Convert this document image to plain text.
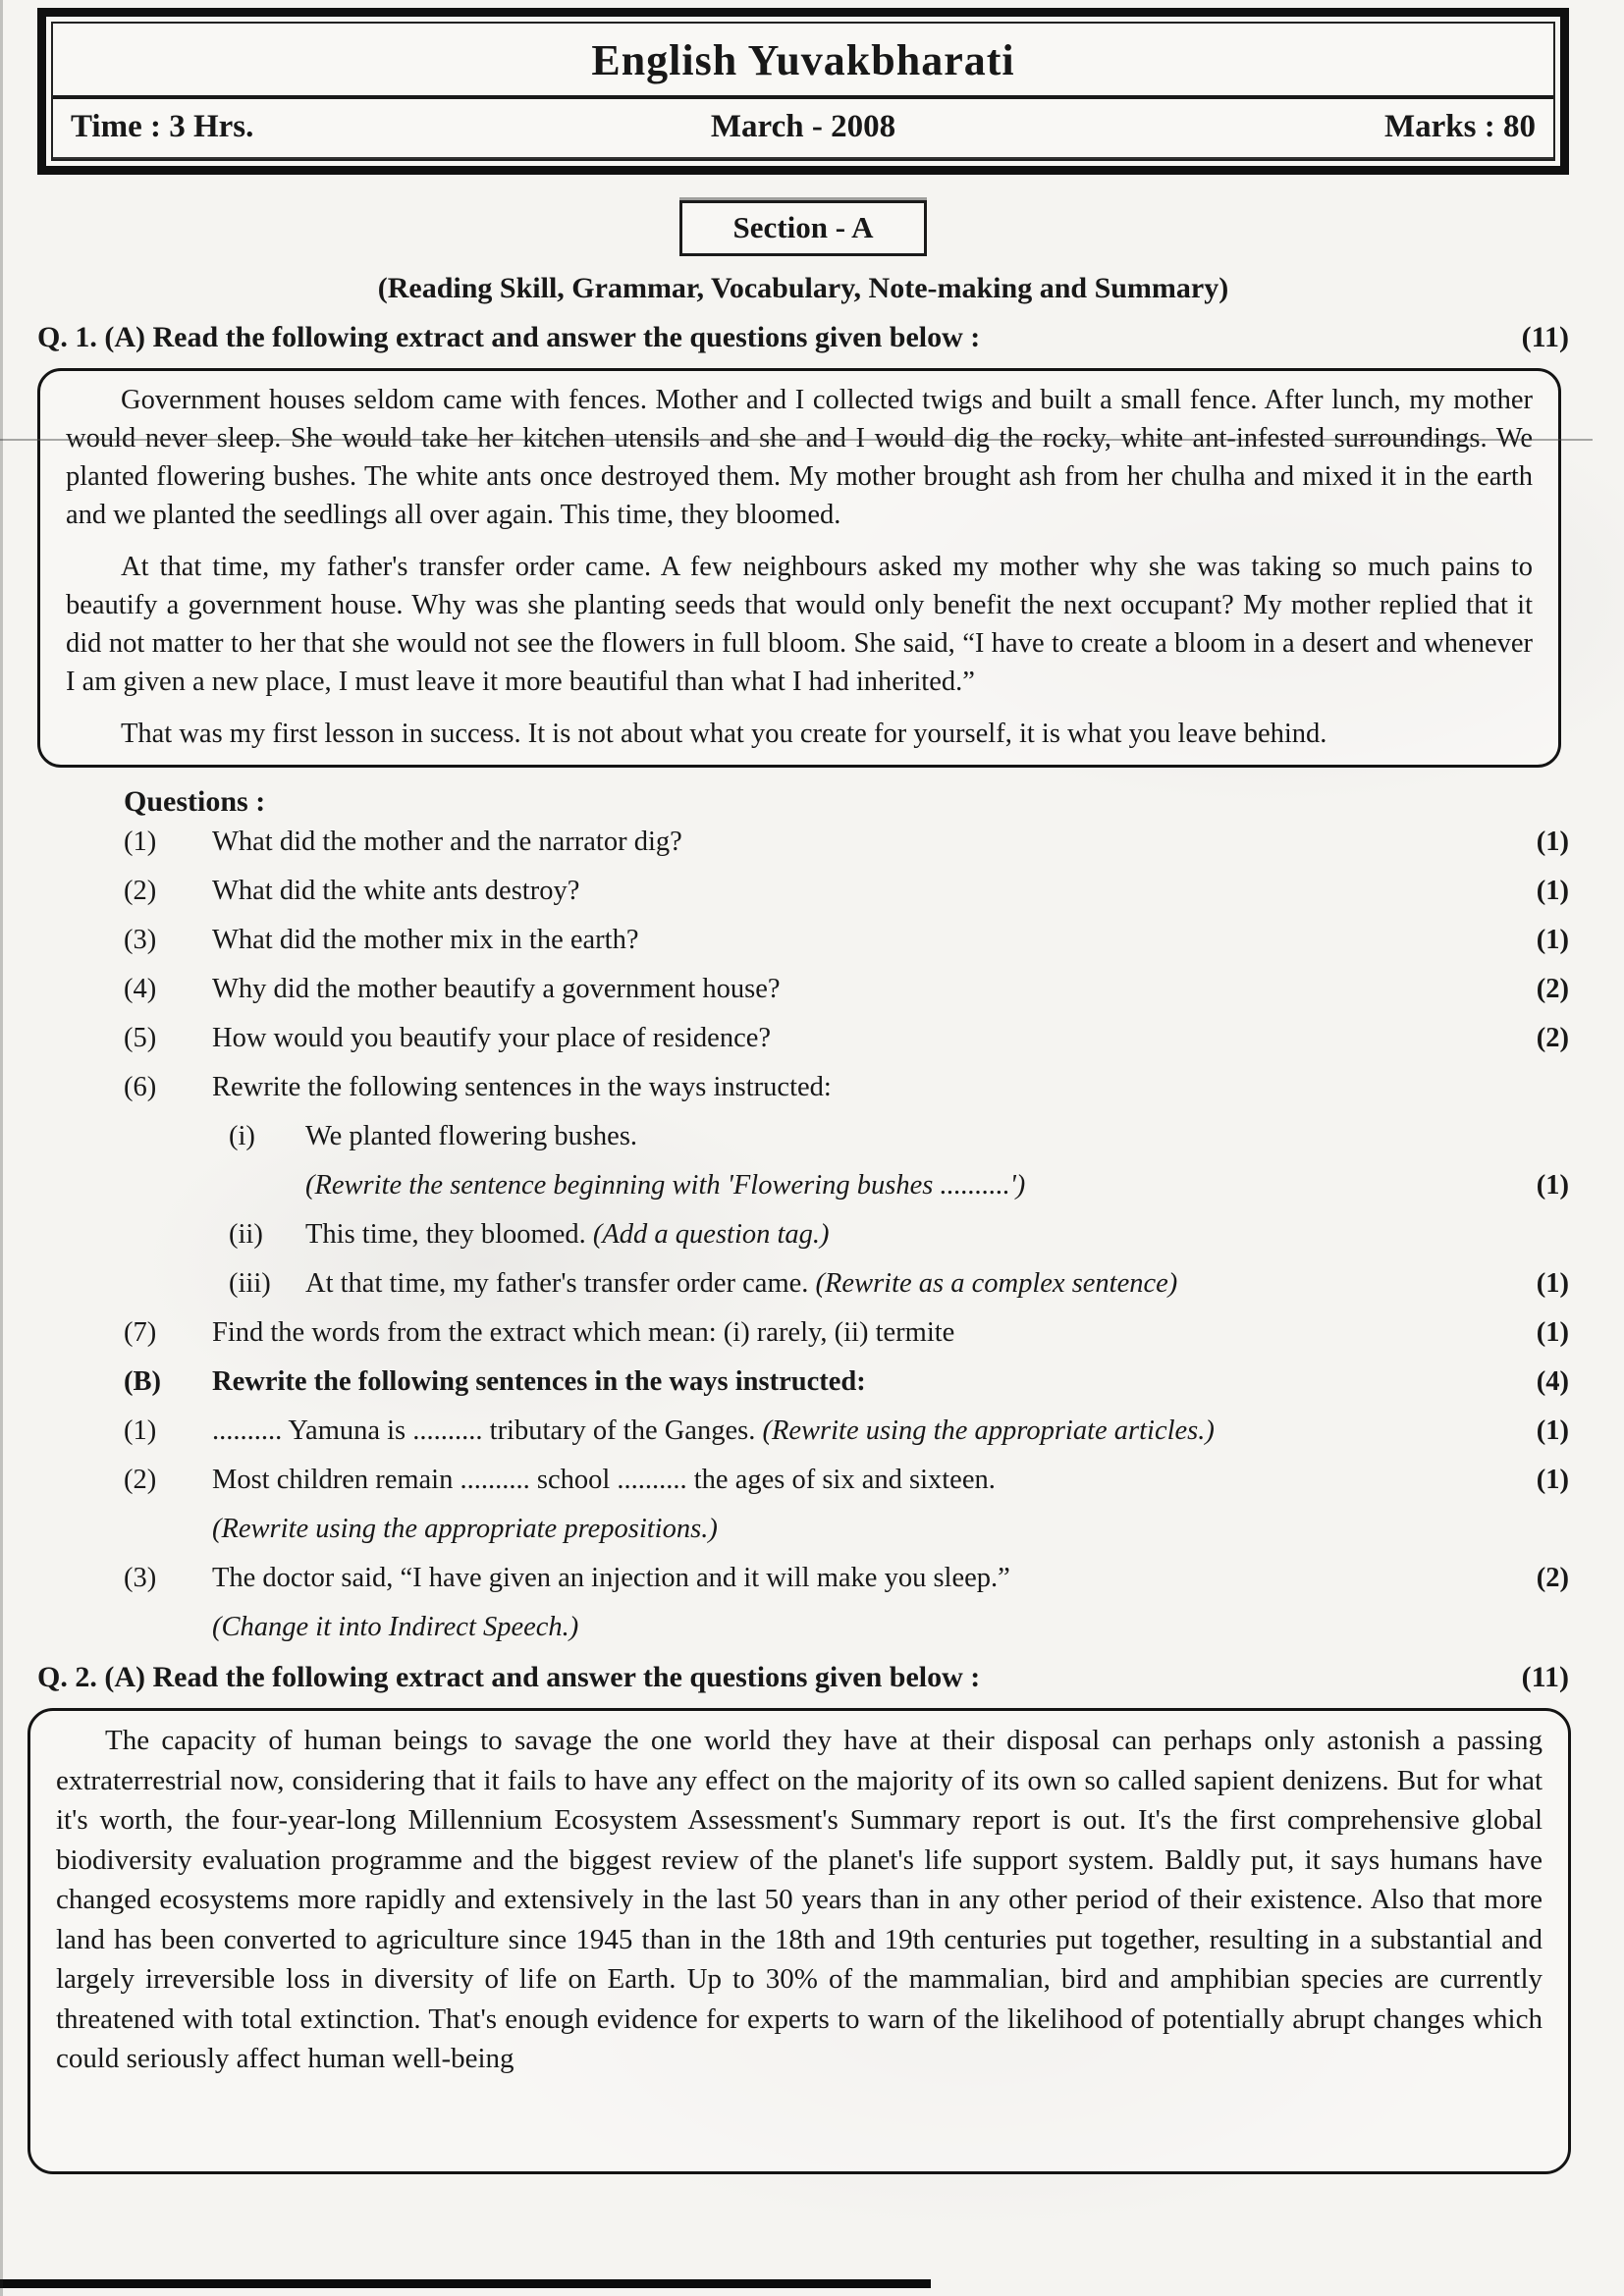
English Yuvakbharati
Time : 3 Hrs.	March - 2008	Marks : 80
Section - A
(Reading Skill, Grammar, Vocabulary, Note-making and Summary)
Q. 1. (A) Read the following extract and answer the questions given below :	(11)

Government houses seldom came with fences. Mother and I collected twigs and built a small fence. After lunch, my mother would never sleep. She would take her kitchen utensils and she and I would dig the rocky, white ant-infested surroundings. We planted flowering bushes. The white ants once destroyed them. My mother brought ash from her chulha and mixed it in the earth and we planted the seedlings all over again. This time, they bloomed.

At that time, my father's transfer order came. A few neighbours asked my mother why she was taking so much pains to beautify a government house. Why was she planting seeds that would only benefit the next occupant? My mother replied that it did not matter to her that she would not see the flowers in full bloom. She said, “I have to create a bloom in a desert and whenever I am given a new place, I must leave it more beautiful than what I had inherited.”

That was my first lesson in success. It is not about what you create for yourself, it is what you leave behind.

Questions :
(1)	What did the mother and the narrator dig?	(1)
(2)	What did the white ants destroy?	(1)
(3)	What did the mother mix in the earth?	(1)
(4)	Why did the mother beautify a government house?	(2)
(5)	How would you beautify your place of residence?	(2)
(6)	Rewrite the following sentences in the ways instructed:
(i)	We planted flowering bushes.
(Rewrite the sentence beginning with 'Flowering bushes ..........')	(1)
(ii)	This time, they bloomed. (Add a question tag.)
(iii)	At that time, my father's transfer order came. (Rewrite as a complex sentence)	(1)
(7)	Find the words from the extract which mean: (i) rarely, (ii) termite	(1)
(B)	Rewrite the following sentences in the ways instructed:	(4)
(1)	.......... Yamuna is .......... tributary of the Ganges. (Rewrite using the appropriate articles.)	(1)
(2)	Most children remain .......... school .......... the ages of six and sixteen.	(1)
(Rewrite using the appropriate prepositions.)
(3)	The doctor said, “I have given an injection and it will make you sleep.”	(2)
(Change it into Indirect Speech.)
Q. 2. (A) Read the following extract and answer the questions given below :	(11)

The capacity of human beings to savage the one world they have at their disposal can perhaps only astonish a passing extraterrestrial now, considering that it fails to have any effect on the majority of its own so called sapient denizens. But for what it's worth, the four-year-long Millennium Ecosystem Assessment's Summary report is out. It's the first comprehensive global biodiversity evaluation programme and the biggest review of the planet's life support system. Baldly put, it says humans have changed ecosystems more rapidly and extensively in the last 50 years than in any other period of their existence. Also that more land has been converted to agriculture since 1945 than in the 18th and 19th centuries put together, resulting in a substantial and largely irreversible loss in diversity of life on Earth. Up to 30% of the mammalian, bird and amphibian species are currently threatened with total extinction. That's enough evidence for experts to warn of the likelihood of potentially abrupt changes which could seriously affect human well-being
